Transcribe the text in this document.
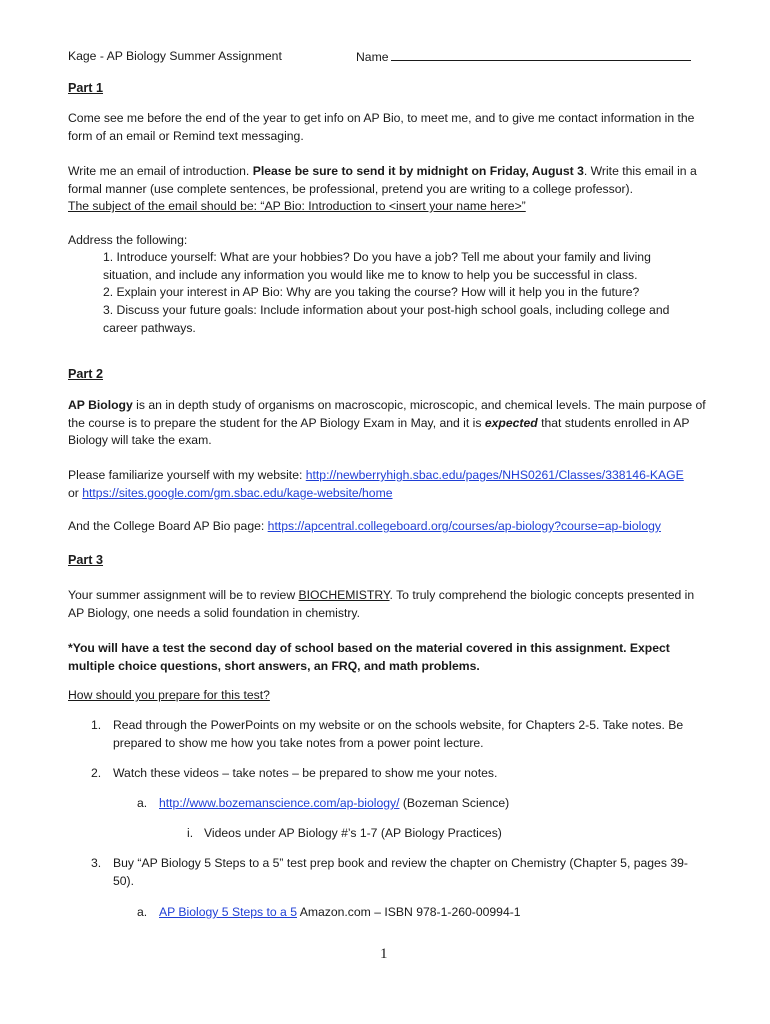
Kage - AP Biology Summer Assignment	Name
Part 1

Come see me before the end of the year to get info on AP Bio, to meet me, and to give me contact information in the form of an email or Remind text messaging.

Write me an email of introduction. Please be sure to send it by midnight on Friday, August 3. Write this email in a formal manner (use complete sentences, be professional, pretend you are writing to a college professor).
The subject of the email should be: “AP Bio: Introduction to <insert your name here>”

Address the following:

1. Introduce yourself: What are your hobbies? Do you have a job? Tell me about your family and living situation, and include any information you would like me to know to help you be successful in class.

2. Explain your interest in AP Bio: Why are you taking the course? How will it help you in the future?

3. Discuss your future goals: Include information about your post-high school goals, including college and career pathways.

Part 2

AP Biology is an in depth study of organisms on macroscopic, microscopic, and chemical levels. The main purpose of the course is to prepare the student for the AP Biology Exam in May, and it is expected that students enrolled in AP Biology will take the exam.

Please familiarize yourself with my website: http://newberryhigh.sbac.edu/pages/NHS0261/Classes/338146-KAGE
or https://sites.google.com/gm.sbac.edu/kage-website/home

And the College Board AP Bio page: https://apcentral.collegeboard.org/courses/ap-biology?course=ap-biology

Part 3

Your summer assignment will be to review BIOCHEMISTRY. To truly comprehend the biologic concepts presented in AP Biology, one needs a solid foundation in chemistry.

*You will have a test the second day of school based on the material covered in this assignment. Expect multiple choice questions, short answers, an FRQ, and math problems.

How should you prepare for this test?
1. Read through the PowerPoints on my website or on the schools website, for Chapters 2-5. Take notes. Be prepared to show me how you take notes from a power point lecture.

2. Watch these videos – take notes – be prepared to show me your notes.

a. http://www.bozemanscience.com/ap-biology/ (Bozeman Science)
i. Videos under AP Biology #’s 1-7 (AP Biology Practices)
3. Buy “AP Biology 5 Steps to a 5” test prep book and review the chapter on Chemistry (Chapter 5, pages 39-50).

a. AP Biology 5 Steps to a 5 Amazon.com – ISBN 978-1-260-00994-1
1
